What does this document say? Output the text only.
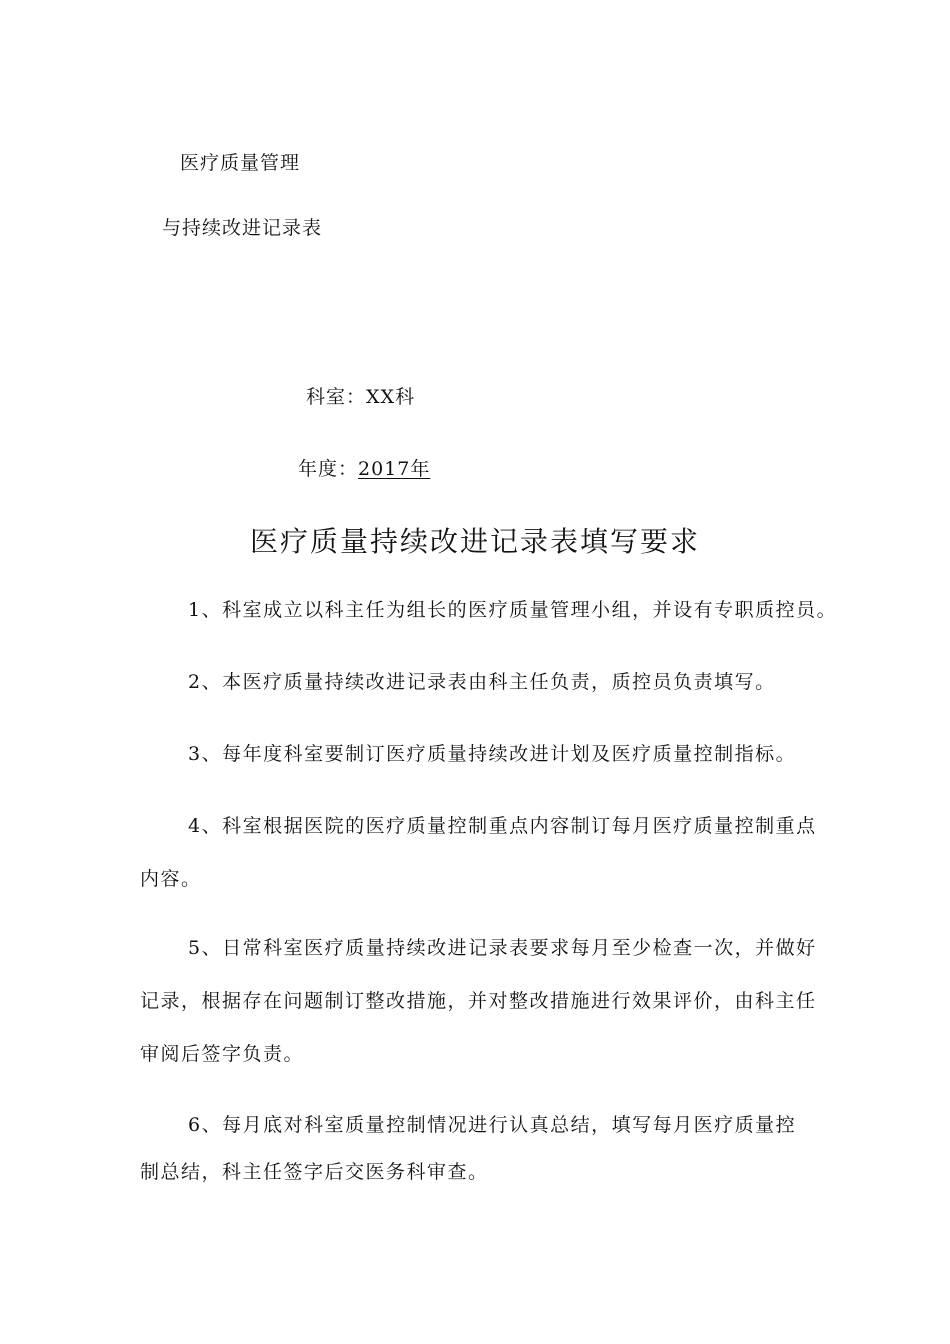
医疗质量管理
与持续改进记录表
科室：XX科
年度：2017年
医疗质量持续改进记录表填写要求
1、科室成立以科主任为组长的医疗质量管理小组，并设有专职质控员。
2、本医疗质量持续改进记录表由科主任负责，质控员负责填写。
3、每年度科室要制订医疗质量持续改进计划及医疗质量控制指标。
4、科室根据医院的医疗质量控制重点内容制订每月医疗质量控制重点
内容。
5、日常科室医疗质量持续改进记录表要求每月至少检查一次，并做好
记录，根据存在问题制订整改措施，并对整改措施进行效果评价，由科主任
审阅后签字负责。
6、每月底对科室质量控制情况进行认真总结，填写每月医疗质量控
制总结，科主任签字后交医务科审查。
